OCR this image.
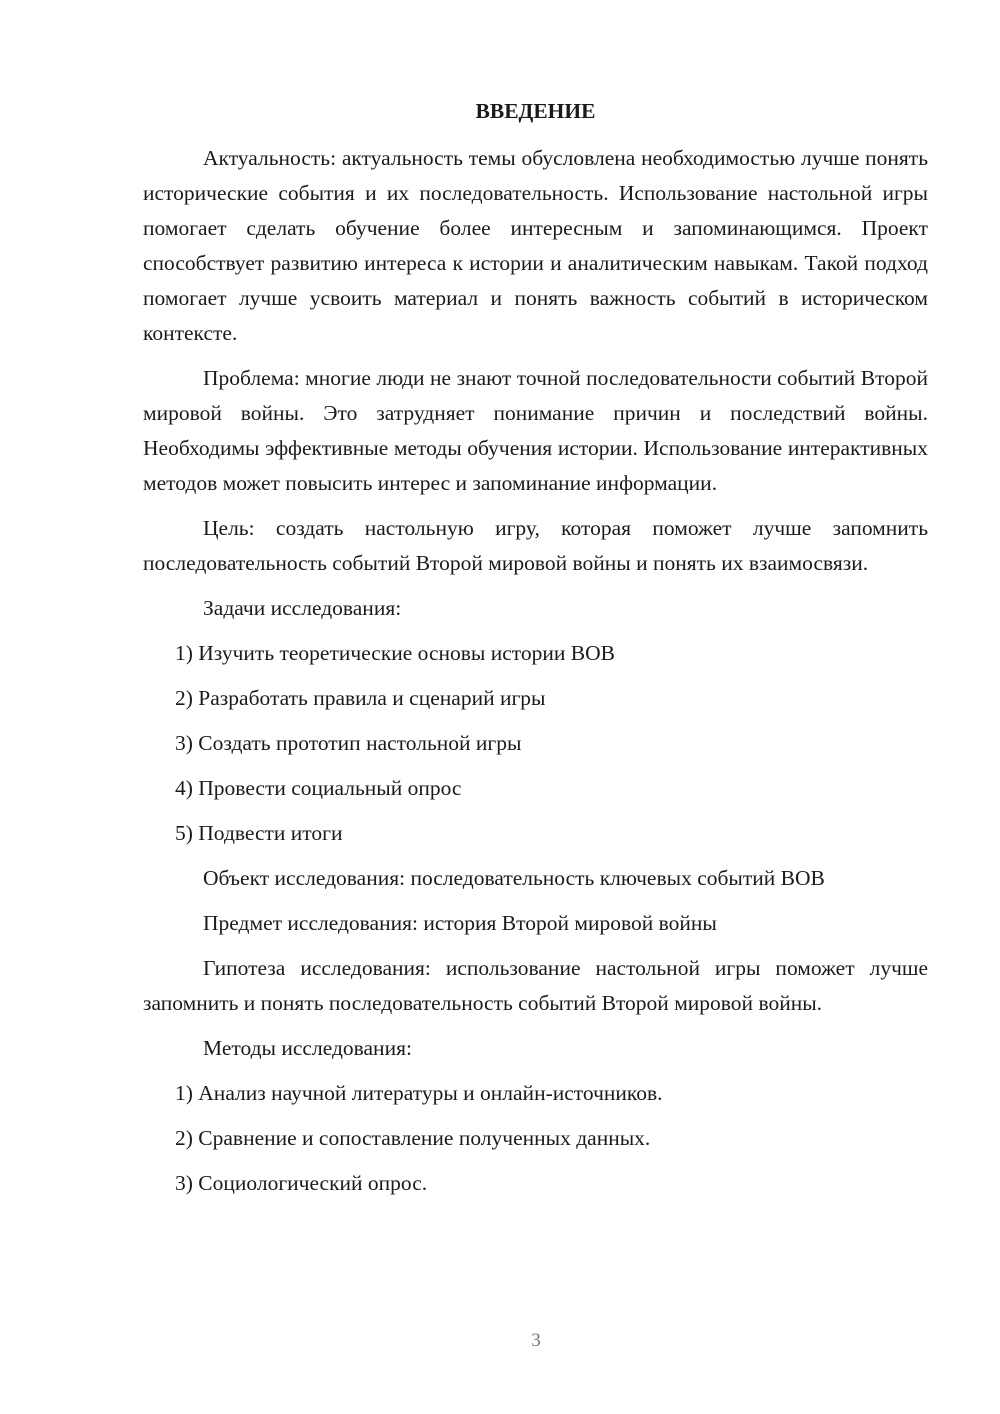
ВВЕДЕНИЕ

Актуальность: актуальность темы обусловлена необходимостью лучше понять исторические события и их последовательность. Использование настольной игры помогает сделать обучение более интересным и запоминающимся. Проект способствует развитию интереса к истории и аналитическим навыкам. Такой подход помогает лучше усвоить материал и понять важность событий в историческом контексте.

Проблема: многие люди не знают точной последовательности событий Второй мировой войны. Это затрудняет понимание причин и последствий войны. Необходимы эффективные методы обучения истории. Использование интерактивных методов может повысить интерес и запоминание информации.

Цель: создать настольную игру, которая поможет лучше запомнить последовательность событий Второй мировой войны и понять их взаимосвязи.

Задачи исследования:
1) Изучить теоретические основы истории ВОВ
2) Разработать правила и сценарий игры
3) Создать прототип настольной игры
4) Провести социальный опрос
5) Подвести итоги
Объект исследования: последовательность ключевых событий ВОВ
Предмет исследования: история Второй мировой войны

Гипотеза исследования: использование настольной игры поможет лучше запомнить и понять последовательность событий Второй мировой войны.

Методы исследования:
1) Анализ научной литературы и онлайн-источников.
2) Сравнение и сопоставление полученных данных.
3) Социологический опрос.
3
